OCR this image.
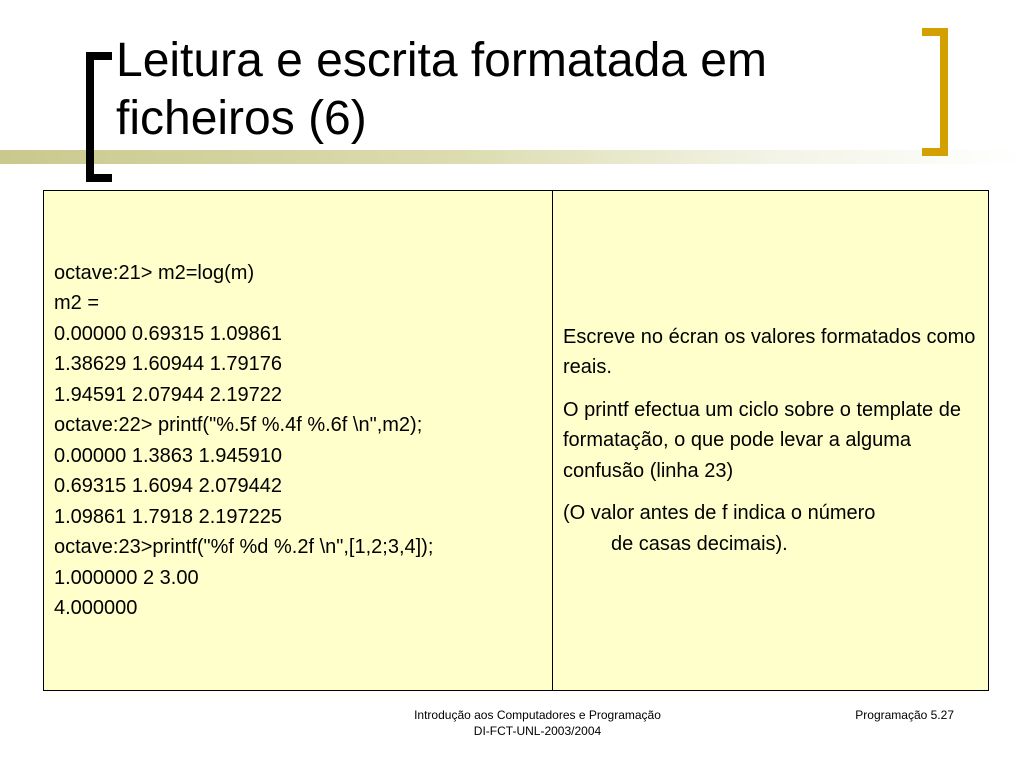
Leitura e escrita formatada em
ficheiros (6)
octave:21> m2=log(m)
m2 =
0.00000 0.69315 1.09861
1.38629 1.60944 1.79176
1.94591 2.07944 2.19722
octave:22> printf("%.5f %.4f %.6f \n",m2);
0.00000 1.3863 1.945910
0.69315 1.6094 2.079442
1.09861 1.7918 2.197225
octave:23>printf("%f %d %.2f \n",[1,2;3,4]);
1.000000 2 3.00
4.000000

Escreve no écran os valores formatados como reais.

O printf efectua um ciclo sobre o template de formatação, o que pode levar a alguma confusão (linha 23)

(O valor antes de f indica o número
de casas decimais).

Introdução aos Computadores e Programação
DI-FCT-UNL-2003/2004
Programação 5.27
